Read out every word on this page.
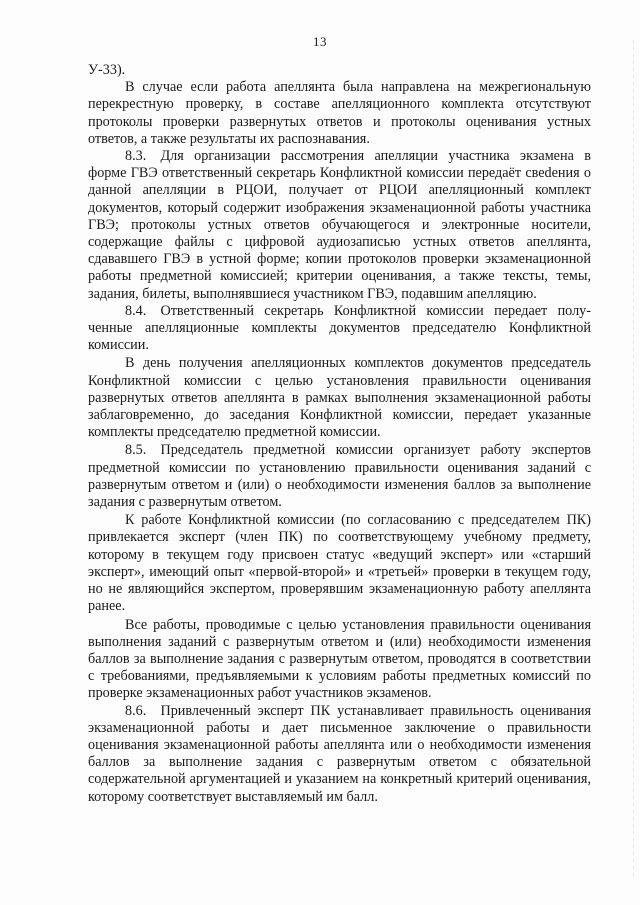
13

У-33).

В случае если работа апеллянта была направлена на межрегиональную перекрестную проверку, в составе апелляционного комплекта отсутствуют протоколы проверки развернутых ответов и протоколы оценивания устных ответов, а также результаты их распознавания.

8.3. Для организации рассмотрения апелляции участника экзамена в форме ГВЭ ответственный секретарь Конфликтной комиссии передаёт свеdения о данной апелляции в РЦОИ, получает от РЦОИ апелляционный комплект документов, который содержит изображения экзаменационной работы участника ГВЭ; протоколы устных ответов обучающегося и электронные носители, содержащие файлы с цифровой аудиозаписью устных ответов апеллянта, сдававшего ГВЭ в устной форме; копии протоколов проверки экзаменационной работы предметной комиссией; критерии оценивания, а также тексты, темы, задания, билеты, выполнявшиеся участником ГВЭ, подавшим апелляцию.

8.4. Ответственный секретарь Конфликтной комиссии передает полученные апелляционные комплекты документов председателю Конфликтной комиссии.

В день получения апелляционных комплектов документов председатель Конфликтной комиссии с целью установления правильности оценивания развернутых ответов апеллянта в рамках выполнения экзаменационной работы заблаговременно, до заседания Конфликтной комиссии, передает указанные комплекты председателю предметной комиссии.

8.5. Председатель предметной комиссии организует работу экспертов предметной комиссии по установлению правильности оценивания заданий с развернутым ответом и (или) о необходимости изменения баллов за выполнение задания с развернутым ответом.

К работе Конфликтной комиссии (по согласованию с председателем ПК) привлекается эксперт (член ПК) по соответствующему учебному предмету, которому в текущем году присвоен статус «ведущий эксперт» или «старший эксперт», имеющий опыт «первой-второй» и «третьей» проверки в текущем году, но не являющийся экспертом, проверявшим экзаменационную работу апеллянта ранее.

Все работы, проводимые с целью установления правильности оценивания выполнения заданий с развернутым ответом и (или) необходимости изменения баллов за выполнение задания с развернутым ответом, проводятся в соответствии с требованиями, предъявляемыми к условиям работы предметных комиссий по проверке экзаменационных работ участников экзаменов.

8.6. Привлеченный эксперт ПК устанавливает правильность оценивания экзаменационной работы и дает письменное заключение о правильности оценивания экзаменационной работы апеллянта или о необходимости изменения баллов за выполнение задания с развернутым ответом с обязательной содержательной аргументацией и указанием на конкретный критерий оценивания, которому соответствует выставляемый им балл.
